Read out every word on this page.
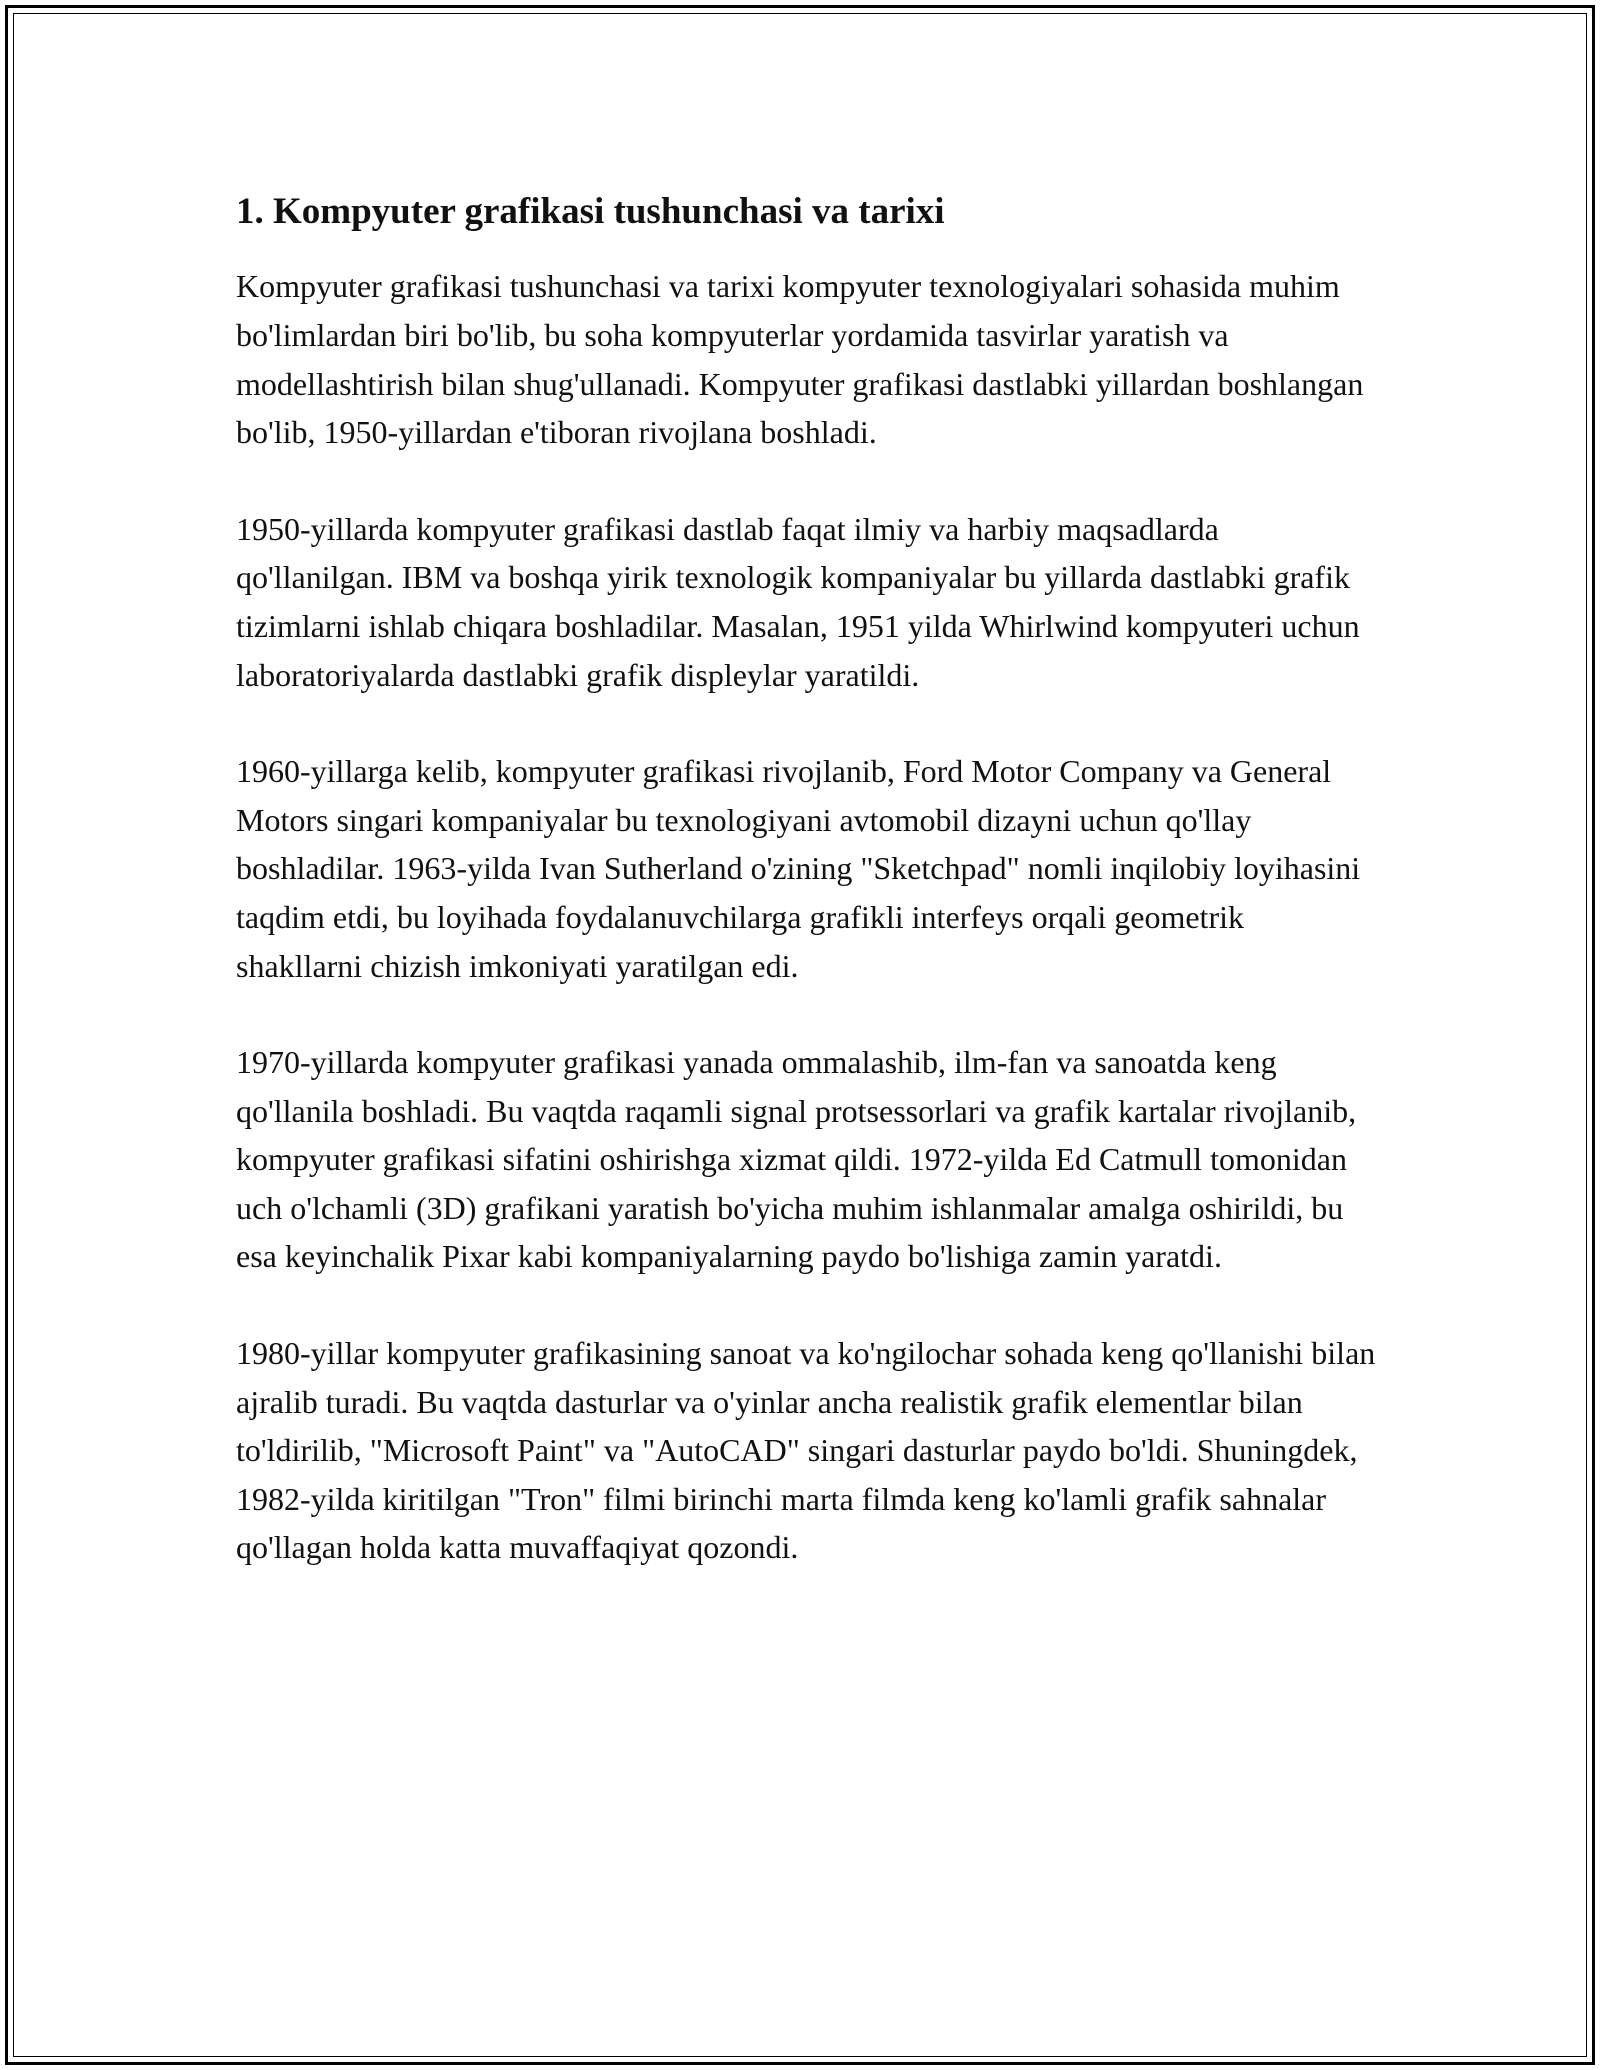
1. Kompyuter grafikasi tushunchasi va tarixi

Kompyuter grafikasi tushunchasi va tarixi kompyuter texnologiyalari sohasida muhim bo'limlardan biri bo'lib, bu soha kompyuterlar yordamida tasvirlar yaratish va modellashtirish bilan shug'ullanadi. Kompyuter grafikasi dastlabki yillardan boshlangan bo'lib, 1950-yillardan e'tiboran rivojlana boshladi.

1950-yillarda kompyuter grafikasi dastlab faqat ilmiy va harbiy maqsadlarda qo'llanilgan. IBM va boshqa yirik texnologik kompaniyalar bu yillarda dastlabki grafik tizimlarni ishlab chiqara boshladilar. Masalan, 1951 yilda Whirlwind kompyuteri uchun laboratoriyalarda dastlabki grafik displeylar yaratildi.

1960-yillarga kelib, kompyuter grafikasi rivojlanib, Ford Motor Company va General Motors singari kompaniyalar bu texnologiyani avtomobil dizayni uchun qo'llay boshladilar. 1963-yilda Ivan Sutherland o'zining "Sketchpad" nomli inqilobiy loyihasini taqdim etdi, bu loyihada foydalanuvchilarga grafikli interfeys orqali geometrik shakllarni chizish imkoniyati yaratilgan edi.

1970-yillarda kompyuter grafikasi yanada ommalashib, ilm-fan va sanoatda keng qo'llanila boshladi. Bu vaqtda raqamli signal protsessorlari va grafik kartalar rivojlanib, kompyuter grafikasi sifatini oshirishga xizmat qildi. 1972-yilda Ed Catmull tomonidan uch o'lchamli (3D) grafikani yaratish bo'yicha muhim ishlanmalar amalga oshirildi, bu esa keyinchalik Pixar kabi kompaniyalarning paydo bo'lishiga zamin yaratdi.

1980-yillar kompyuter grafikasining sanoat va ko'ngilochar sohada keng qo'llanishi bilan ajralib turadi. Bu vaqtda dasturlar va o'yinlar ancha realistik grafik elementlar bilan to'ldirilib, "Microsoft Paint" va "AutoCAD" singari dasturlar paydo bo'ldi. Shuningdek, 1982-yilda kiritilgan "Tron" filmi birinchi marta filmda keng ko'lamli grafik sahnalar qo'llagan holda katta muvaffaqiyat qozondi.
